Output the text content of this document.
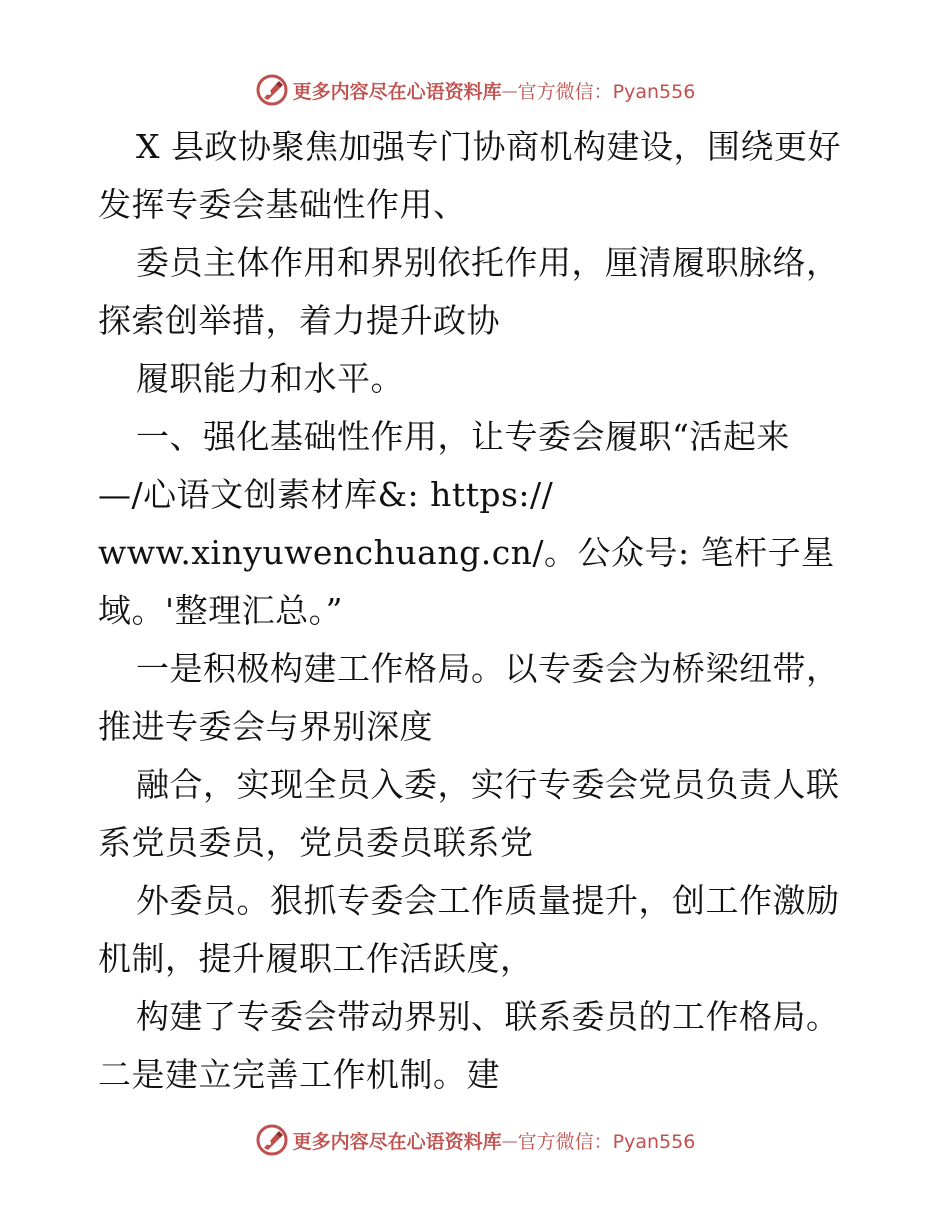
更多内容尽在心语资料库 — 官方微信：Pyan556
X 县政协聚焦加强专门协商机构建设，围绕更好
发挥专委会基础性作用、
委员主体作用和界别依托作用，厘清履职脉络，
探索创举措，着力提升政协
履职能力和水平。
一、强化基础性作用，让专委会履职“活起来
—/心语文创素材库&: https://
www.xinyuwenchuang.cn/。公众号: 笔杆子星
域。'整理汇总。”
一是积极构建工作格局。以专委会为桥梁纽带，
推进专委会与界别深度
融合，实现全员入委，实行专委会党员负责人联
系党员委员，党员委员联系党
外委员。狠抓专委会工作质量提升，创工作激励
机制，提升履职工作活跃度，
构建了专委会带动界别、联系委员的工作格局。
二是建立完善工作机制。建
更多内容尽在心语资料库 — 官方微信：Pyan556
